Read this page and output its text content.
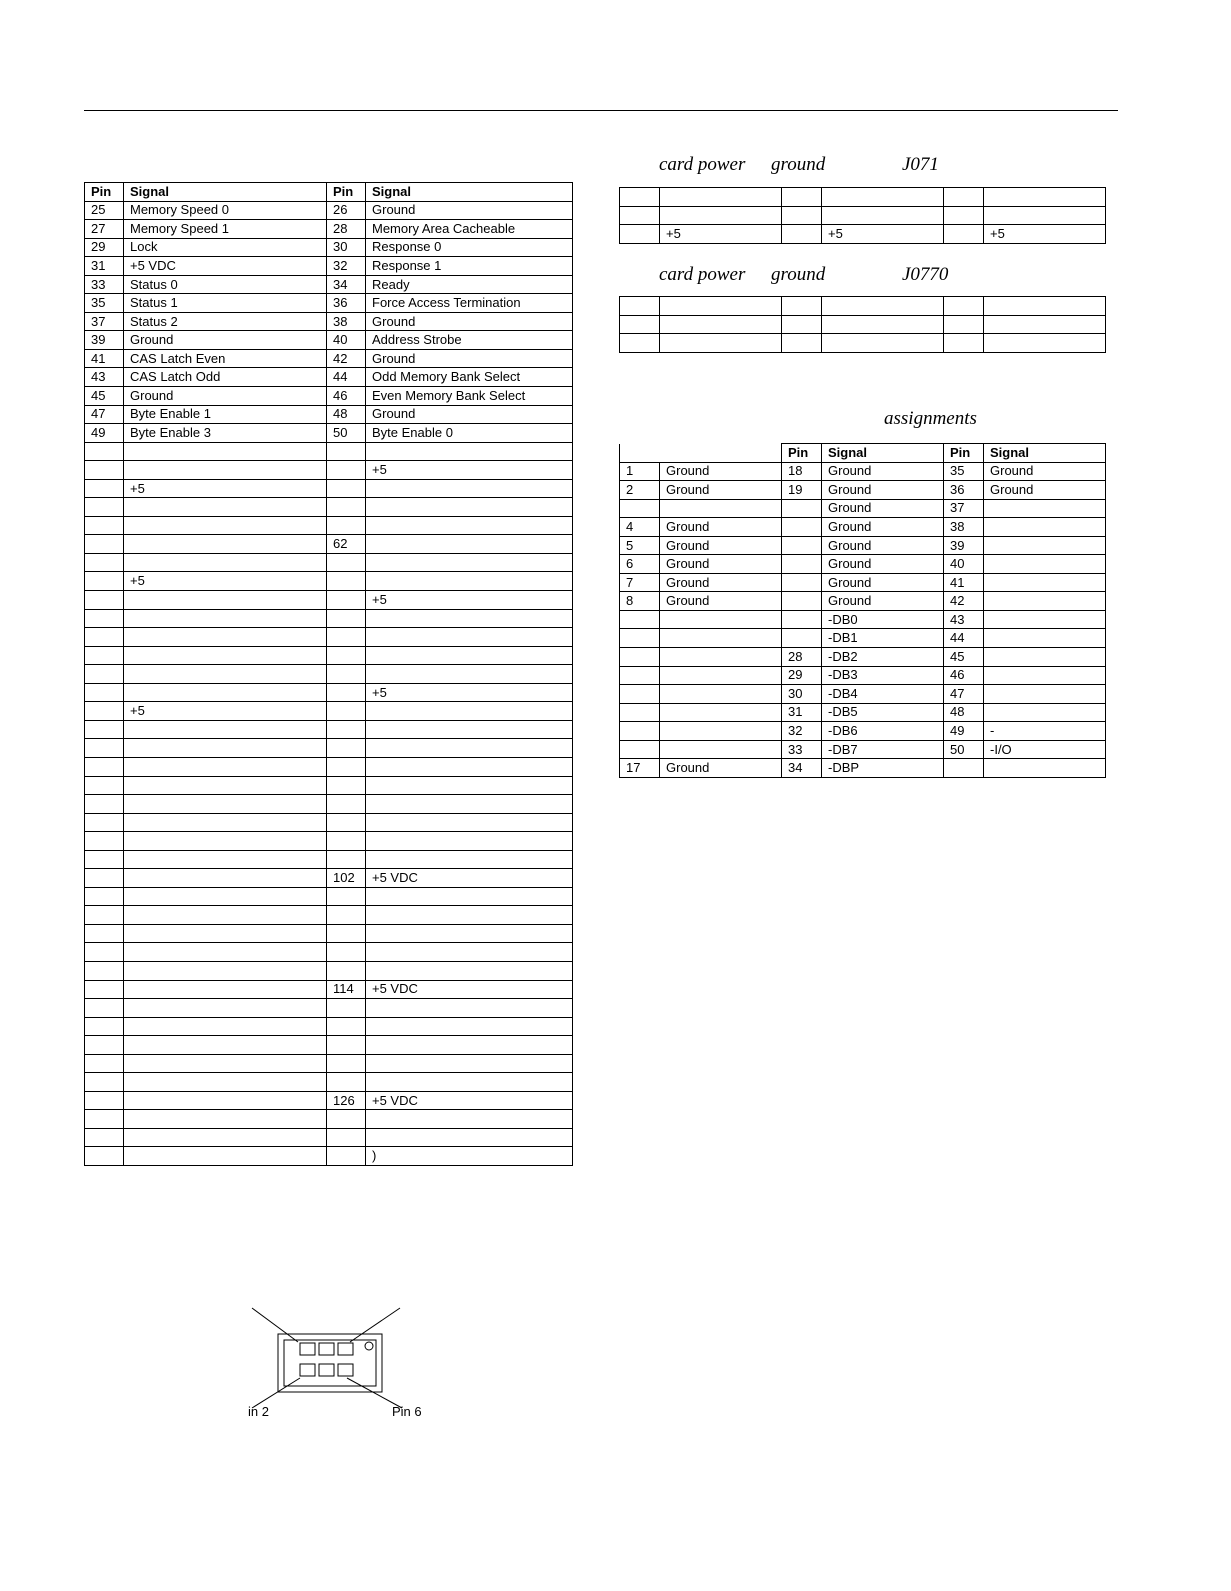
Pin	Signal	Pin	Signal
25	Memory Speed 0	26	Ground
27	Memory Speed 1	28	Memory Area Cacheable
29	Lock	30	Response 0
31	+5 VDC	32	Response 1
33	Status 0	34	Ready
35	Status 1	36	Force Access Termination
37	Status 2	38	Ground
39	Ground	40	Address Strobe
41	CAS Latch Even	42	Ground
43	CAS Latch Odd	44	Odd Memory Bank Select
45	Ground	46	Even Memory Bank Select
47	Byte Enable 1	48	Ground
49	Byte Enable 3	50	Byte Enable 0

			+5
	+5		

		62	

	+5		
			+5

			+5
	+5		

		102	+5 VDC

		114	+5 VDC

		126	+5 VDC

			)
card power ground	J071

	+5		+5		+5
card power ground	J0770

assignments
		Pin	Signal	Pin	Signal
1	Ground	18	Ground	35	Ground
2	Ground	19	Ground	36	Ground
			Ground	37	
4	Ground		Ground	38	
5	Ground		Ground	39	
6	Ground		Ground	40	
7	Ground		Ground	41	
8	Ground		Ground	42	
			-DB0	43	
			-DB1	44	
		28	-DB2	45	
		29	-DB3	46	
		30	-DB4	47	
		31	-DB5	48	
		32	-DB6	49	-
		33	-DB7	50	-I/O
17	Ground	34	-DBP		
in 2	Pin 6
